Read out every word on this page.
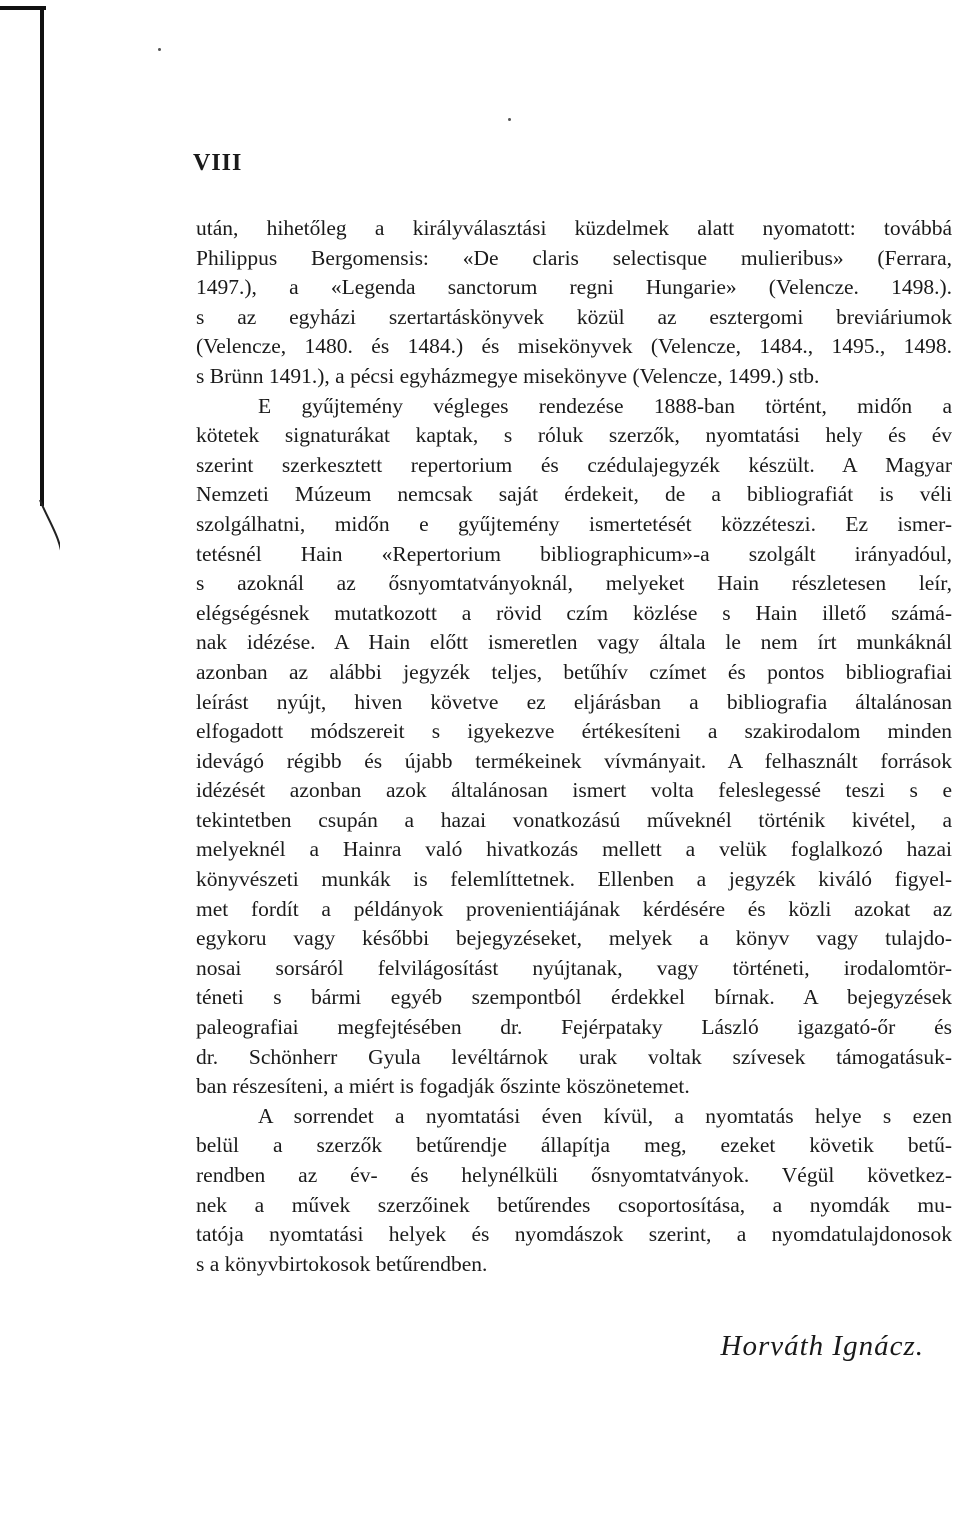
VIII
után, hihetőleg a királyválasztási küzdelmek alatt nyomatott: továbbá
Philippus Bergomensis: «De claris selectisque mulieribus» (Ferrara,
1497.), a «Legenda sanctorum regni Hungarie» (Velencze. 1498.).
s az egyházi szertartáskönyvek közül az esztergomi breviáriumok
(Velencze, 1480. és 1484.) és misekönyvek (Velencze, 1484., 1495., 1498.
s Brünn 1491.), a pécsi egyházmegye misekönyve (Velencze, 1499.) stb.
E gyűjtemény végleges rendezése 1888-ban történt, midőn a
kötetek signaturákat kaptak, s róluk szerzők, nyomtatási hely és év
szerint szerkesztett repertorium és czédulajegyzék készült. A Magyar
Nemzeti Múzeum nemcsak saját érdekeit, de a bibliografiát is véli
szolgálhatni, midőn e gyűjtemény ismertetését közzéteszi. Ez ismer-
tetésnél Hain «Repertorium bibliographicum»-a szolgált irányadóul,
s azoknál az ősnyomtatványoknál, melyeket Hain részletesen leír,
elégségésnek mutatkozott a rövid czím közlése s Hain illető számá-
nak idézése. A Hain előtt ismeretlen vagy általa le nem írt munkáknál
azonban az alábbi jegyzék teljes, betűhív czímet és pontos bibliografiai
leírást nyújt, hiven követve ez eljárásban a bibliografia általánosan
elfogadott módszereit s igyekezve értékesíteni a szakirodalom minden
idevágó régibb és újabb termékeinek vívmányait. A felhasznált források
idézését azonban azok általánosan ismert volta feleslegessé teszi s e
tekintetben csupán a hazai vonatkozású műveknél történik kivétel, a
melyeknél a Hainra való hivatkozás mellett a velük foglalkozó hazai
könyvészeti munkák is felemlíttetnek. Ellenben a jegyzék kiváló figyel-
met fordít a példányok provenientiájának kérdésére és közli azokat az
egykoru vagy későbbi bejegyzéseket, melyek a könyv vagy tulajdo-
nosai sorsáról felvilágosítást nyújtanak, vagy történeti, irodalomtör-
téneti s bármi egyéb szempontból érdekkel bírnak. A bejegyzések
paleografiai megfejtésében dr. Fejérpataky László igazgató-őr és
dr. Schönherr Gyula levéltárnok urak voltak szívesek támogatásuk-
ban részesíteni, a miért is fogadják őszinte köszönetemet.
A sorrendet a nyomtatási éven kívül, a nyomtatás helye s ezen
belül a szerzők betűrendje állapítja meg, ezeket követik betű-
rendben az év- és helynélküli ősnyomtatványok. Végül következ-
nek a művek szerzőinek betűrendes csoportosítása, a nyomdák mu-
tatója nyomtatási helyek és nyomdászok szerint, a nyomdatulajdonosok
s a könyvbirtokosok betűrendben.
Horváth Ignácz.
